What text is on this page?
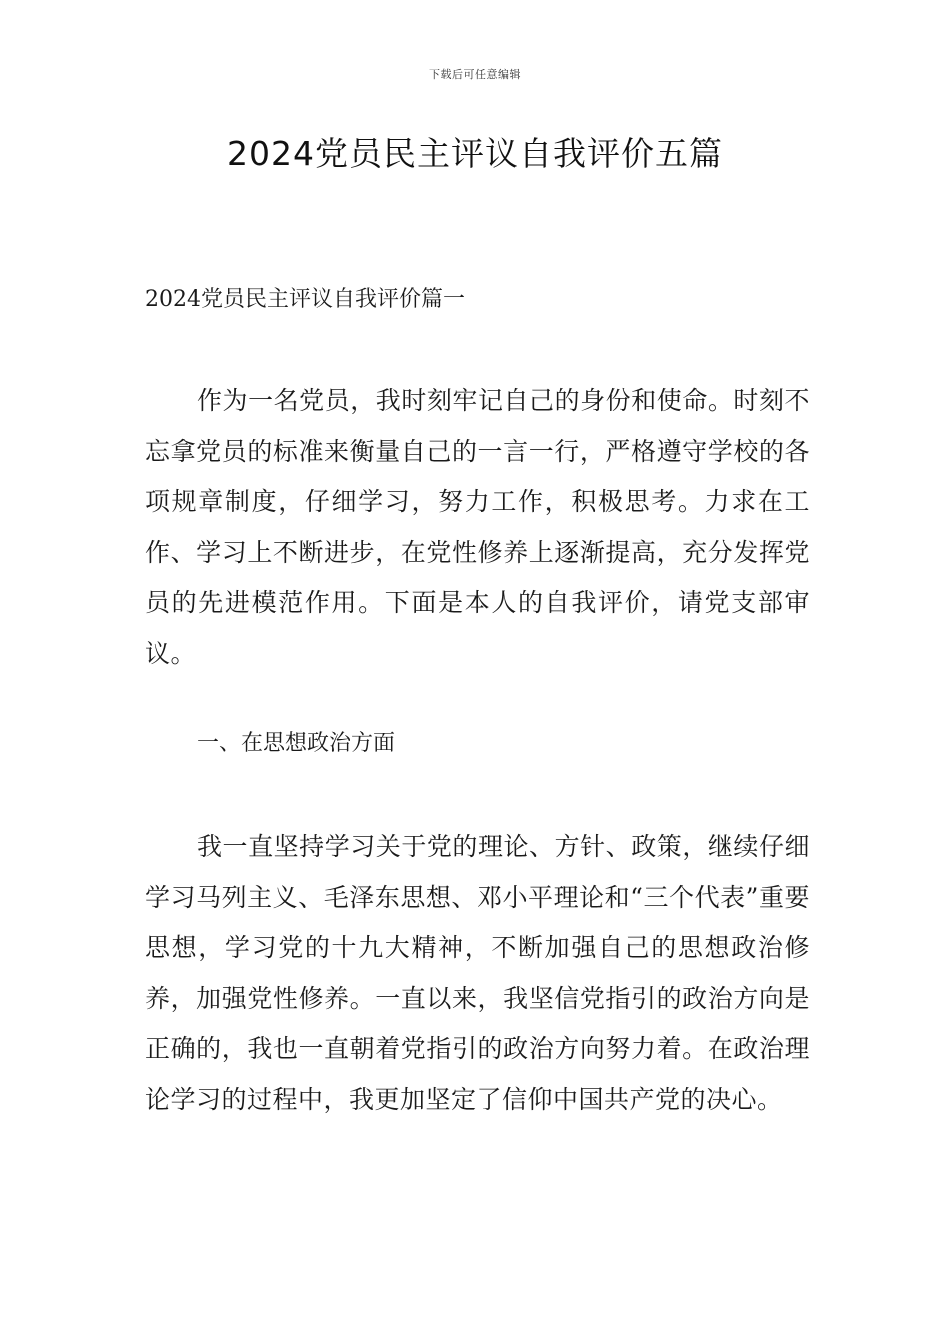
下载后可任意编辑
2024党员民主评议自我评价五篇
2024党员民主评议自我评价篇一

作为一名党员，我时刻牢记自己的身份和使命。时刻不忘拿党员的标准来衡量自己的一言一行，严格遵守学校的各项规章制度，仔细学习，努力工作，积极思考。力求在工作、学习上不断进步，在党性修养上逐渐提高，充分发挥党员的先进模范作用。下面是本人的自我评价，请党支部审议。

一、在思想政治方面

我一直坚持学习关于党的理论、方针、政策，继续仔细学习马列主义、毛泽东思想、邓小平理论和“三个代表”重要思想，学习党的十九大精神，不断加强自己的思想政治修养，加强党性修养。一直以来，我坚信党指引的政治方向是正确的，我也一直朝着党指引的政治方向努力着。在政治理论学习的过程中，我更加坚定了信仰中国共产党的决心。
